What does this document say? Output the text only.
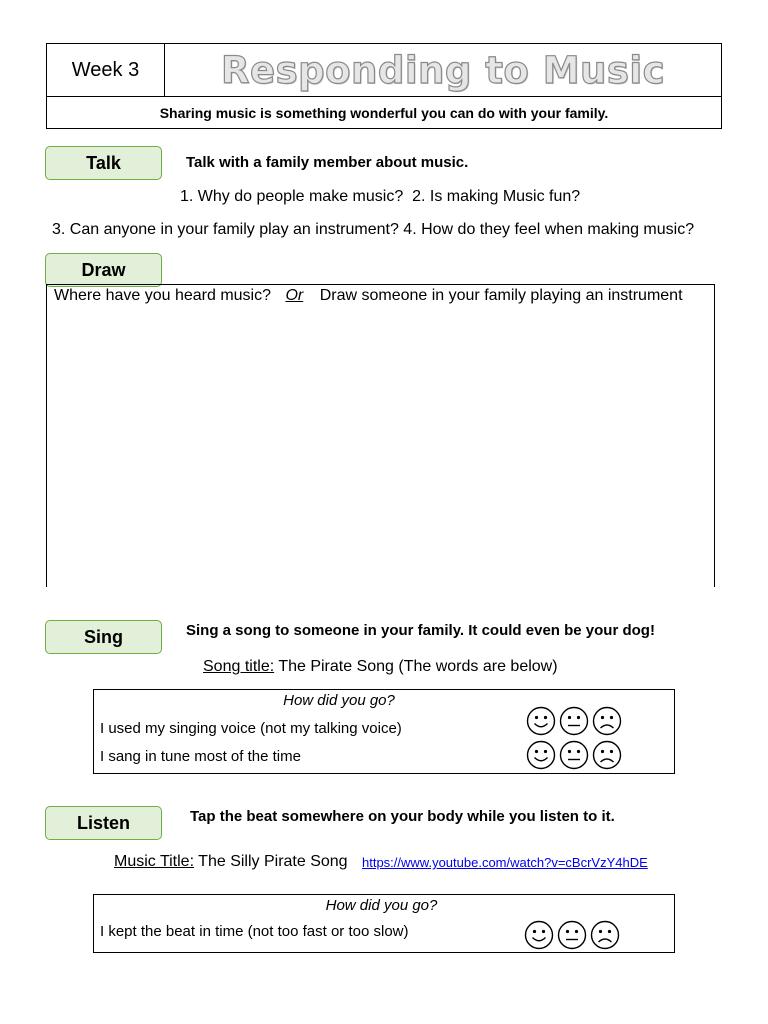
Week 3	Responding to Music
Sharing music is something wonderful you can do with your family.
Talk	Talk with a family member about music.
1. Why do people make music?  2. Is making Music fun?
3. Can anyone in your family play an instrument? 4. How do they feel when making music?
Draw
Where have you heard music? Or Draw someone in your family playing an instrument
Sing	Sing a song to someone in your family. It could even be your dog!
Song title: The Pirate Song (The words are below)
How did you go?
I used my singing voice (not my talking voice)
I sang in tune most of the time
Listen	Tap the beat somewhere on your body while you listen to it.
Music Title: The Silly Pirate Song https://www.youtube.com/watch?v=cBcrVzY4hDE
How did you go?
I kept the beat in time (not too fast or too slow)
